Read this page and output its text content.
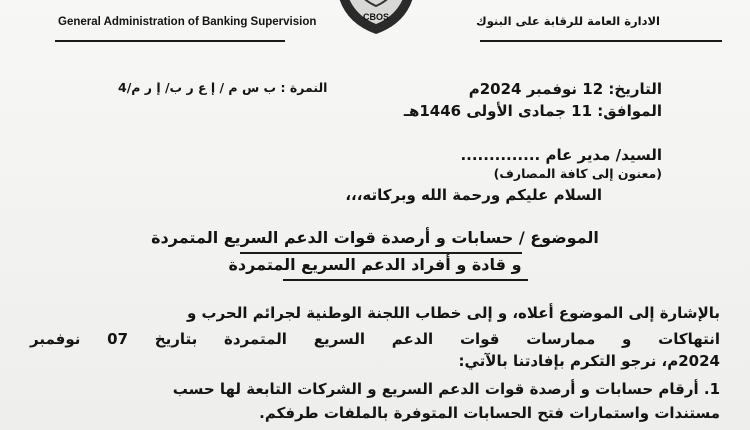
General Administration of Banking Supervision	الادارة العامة للرقابة على البنوك
CBOS
التاريخ: 12 نوفمبر 2024م
الموافق: 11 جمادى الأولى 1446هـ
النمرة : ب س م / إ ع ر ب/ إ ر م/4
السيد/ مدير عام ..............
(معنون إلى كافة المصارف)
السلام عليكم ورحمة الله وبركاته،،،
الموضوع / حسابات و أرصدة قوات الدعم السريع المتمردة
و قادة و أفراد الدعم السريع المتمردة
بالإشارة إلى الموضوع أعلاه، و إلى خطاب اللجنة الوطنية لجرائم الحرب و
انتهاكات و ممارسات قوات الدعم السريع المتمردة بتاريخ 07 نوفمبر
2024م، نرجو التكرم بإفادتنا بالآتي:
1. أرقام حسابات و أرصدة قوات الدعم السريع و الشركات التابعة لها حسب
مستندات واستمارات فتح الحسابات المتوفرة بالملفات طرفكم.
